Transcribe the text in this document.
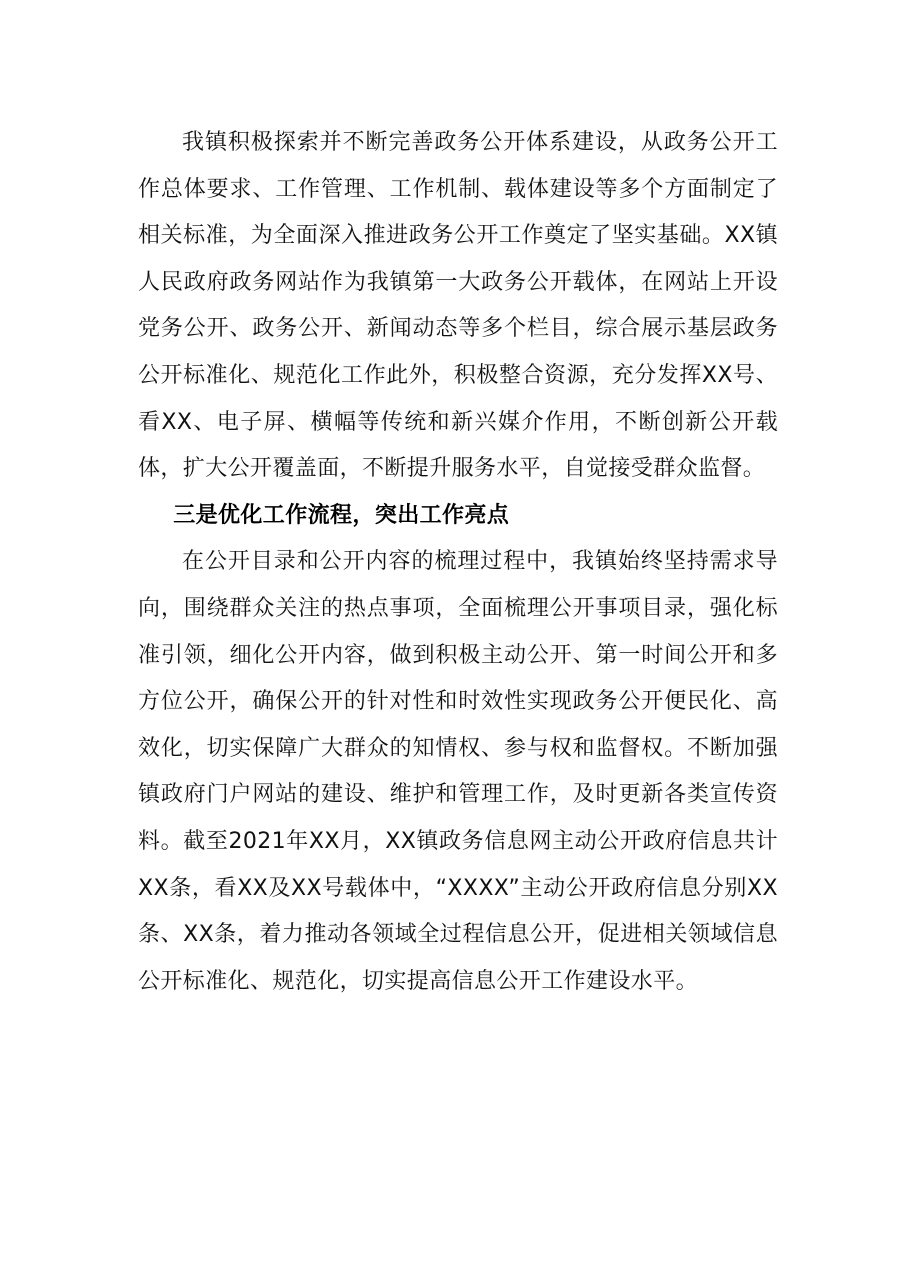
我镇积极探索并不断完善政务公开体系建设，从政务公开工作总体要求、工作管理、工作机制、载体建设等多个方面制定了相关标准，为全面深入推进政务公开工作奠定了坚实基础。XX镇人民政府政务网站作为我镇第一大政务公开载体，在网站上开设党务公开、政务公开、新闻动态等多个栏目，综合展示基层政务公开标准化、规范化工作此外，积极整合资源，充分发挥XX号、看XX、电子屏、横幅等传统和新兴媒介作用，不断创新公开载体，扩大公开覆盖面，不断提升服务水平，自觉接受群众监督。

三是优化工作流程，突出工作亮点

在公开目录和公开内容的梳理过程中，我镇始终坚持需求导向，围绕群众关注的热点事项，全面梳理公开事项目录，强化标准引领，细化公开内容，做到积极主动公开、第一时间公开和多方位公开，确保公开的针对性和时效性实现政务公开便民化、高效化，切实保障广大群众的知情权、参与权和监督权。不断加强镇政府门户网站的建设、维护和管理工作，及时更新各类宣传资料。截至2021年XX月，XX镇政务信息网主动公开政府信息共计XX条，看XX及XX号载体中，“XXXX”主动公开政府信息分别XX条、XX条，着力推动各领域全过程信息公开，促进相关领域信息公开标准化、规范化，切实提高信息公开工作建设水平。
